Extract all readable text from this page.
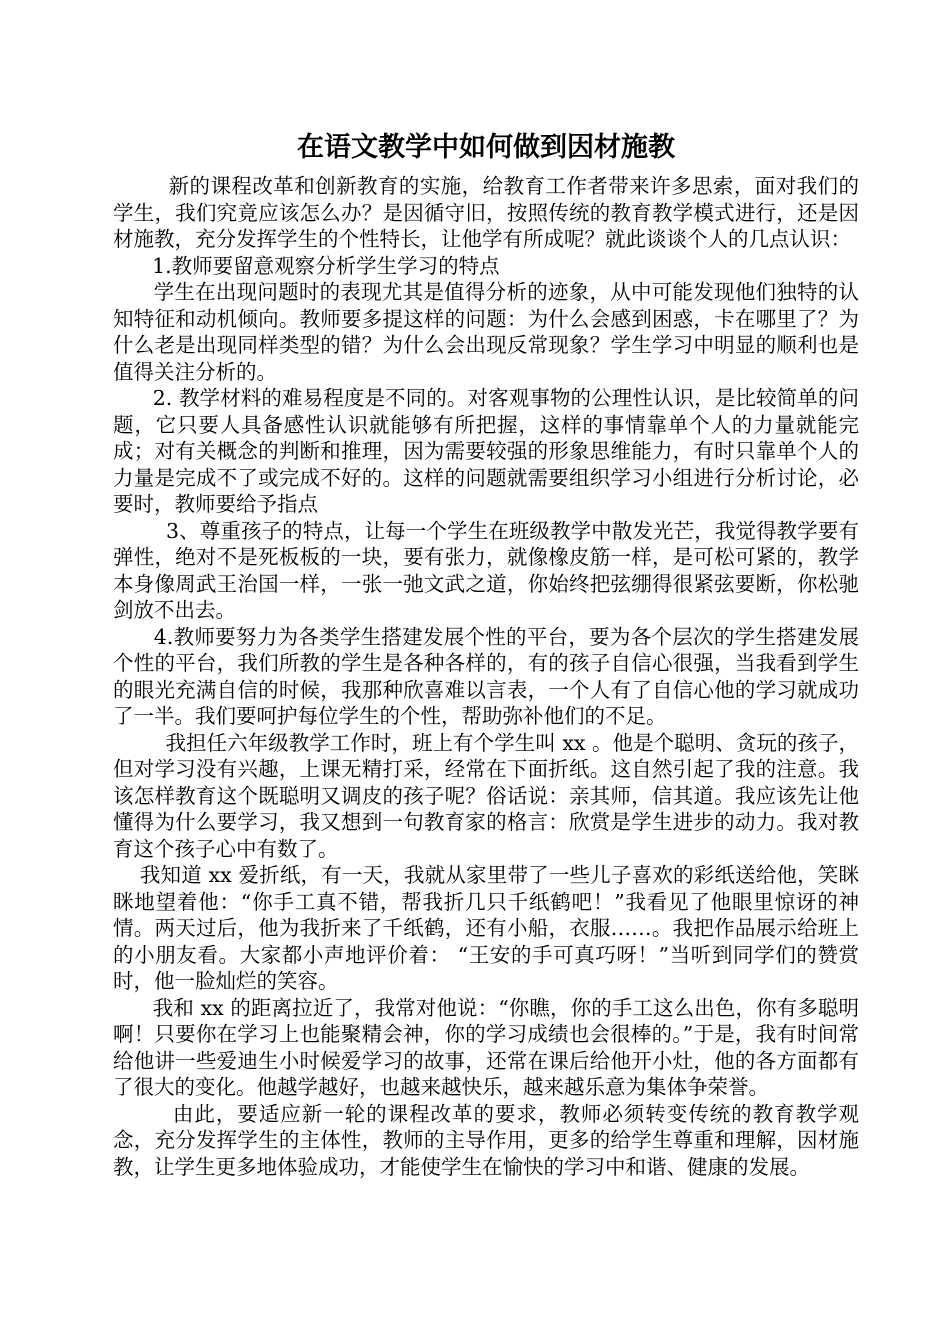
在语文教学中如何做到因材施教

新的课程改革和创新教育的实施，给教育工作者带来许多思索，面对我们的学生，我们究竟应该怎么办？是因循守旧，按照传统的教育教学模式进行，还是因材施教，充分发挥学生的个性特长，让他学有所成呢？就此谈谈个人的几点认识：

1.教师要留意观察分析学生学习的特点

学生在出现问题时的表现尤其是值得分析的迹象，从中可能发现他们独特的认知特征和动机倾向。教师要多提这样的问题：为什么会感到困惑，卡在哪里了？为什么老是出现同样类型的错？为什么会出现反常现象？学生学习中明显的顺利也是值得关注分析的。

2. 教学材料的难易程度是不同的。对客观事物的公理性认识，是比较简单的问题，它只要人具备感性认识就能够有所把握，这样的事情靠单个人的力量就能完成；对有关概念的判断和推理，因为需要较强的形象思维能力，有时只靠单个人的力量是完成不了或完成不好的。这样的问题就需要组织学习小组进行分析讨论，必要时，教师要给予指点

3、尊重孩子的特点，让每一个学生在班级教学中散发光芒，我觉得教学要有弹性，绝对不是死板板的一块，要有张力，就像橡皮筋一样，是可松可紧的，教学本身像周武王治国一样，一张一弛文武之道，你始终把弦绷得很紧弦要断，你松驰剑放不出去。

4.教师要努力为各类学生搭建发展个性的平台，要为各个层次的学生搭建发展个性的平台，我们所教的学生是各种各样的，有的孩子自信心很强，当我看到学生的眼光充满自信的时候，我那种欣喜难以言表，一个人有了自信心他的学习就成功了一半。我们要呵护每位学生的个性，帮助弥补他们的不足。

我担任六年级教学工作时，班上有个学生叫 xx 。他是个聪明、贪玩的孩子，但对学习没有兴趣，上课无精打采，经常在下面折纸。这自然引起了我的注意。我该怎样教育这个既聪明又调皮的孩子呢？俗话说：亲其师，信其道。我应该先让他懂得为什么要学习，我又想到一句教育家的格言：欣赏是学生进步的动力。我对教育这个孩子心中有数了。

我知道 xx 爱折纸，有一天，我就从家里带了一些儿子喜欢的彩纸送给他，笑眯眯地望着他：“你手工真不错，帮我折几只千纸鹤吧！”我看见了他眼里惊讶的神情。两天过后，他为我折来了千纸鹤，还有小船，衣服……。我把作品展示给班上的小朋友看。大家都小声地评价着： “王安的手可真巧呀！”当听到同学们的赞赏时，他一脸灿烂的笑容。

我和 xx 的距离拉近了，我常对他说：“你瞧，你的手工这么出色，你有多聪明啊！只要你在学习上也能聚精会神，你的学习成绩也会很棒的。”于是，我有时间常给他讲一些爱迪生小时候爱学习的故事，还常在课后给他开小灶，他的各方面都有了很大的变化。他越学越好，也越来越快乐，越来越乐意为集体争荣誉。

由此，要适应新一轮的课程改革的要求，教师必须转变传统的教育教学观念，充分发挥学生的主体性，教师的主导作用，更多的给学生尊重和理解，因材施教，让学生更多地体验成功，才能使学生在愉快的学习中和谐、健康的发展。
